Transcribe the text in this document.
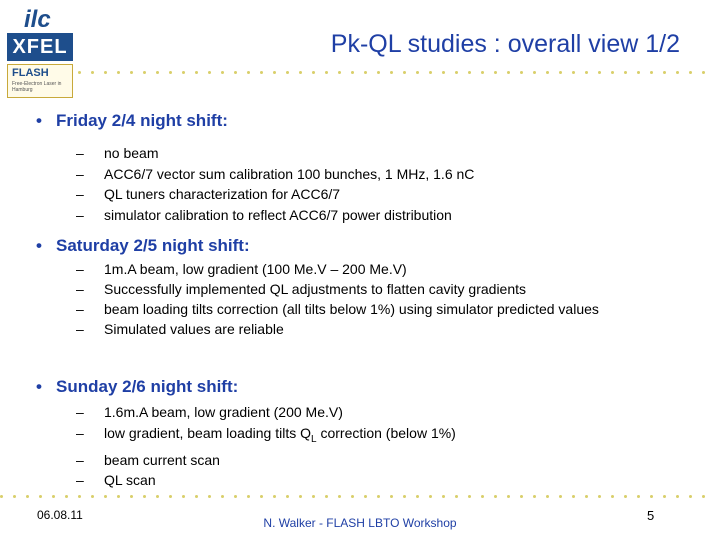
ilc
XFEL
FLASH
Free-Electron Laser in Hamburg
Pk-QL studies : overall view 1/2
• Friday 2/4 night shift:
– no beam
– ACC6/7 vector sum calibration 100 bunches, 1 MHz, 1.6 nC
– QL tuners characterization for ACC6/7
– simulator calibration to reflect ACC6/7 power distribution
• Saturday 2/5 night shift:
– 1m.A beam, low gradient (100 Me.V – 200 Me.V)
– Successfully implemented QL adjustments to flatten cavity gradients
– beam loading tilts correction (all tilts below 1%) using simulator predicted values
– Simulated values are reliable
• Sunday 2/6 night shift:
– 1.6m.A beam, low gradient (200 Me.V)
– low gradient, beam loading tilts $Q_L$ correction (below 1%)
– beam current scan
– QL scan
06.08.11
N. Walker - FLASH LBTO Workshop	5
